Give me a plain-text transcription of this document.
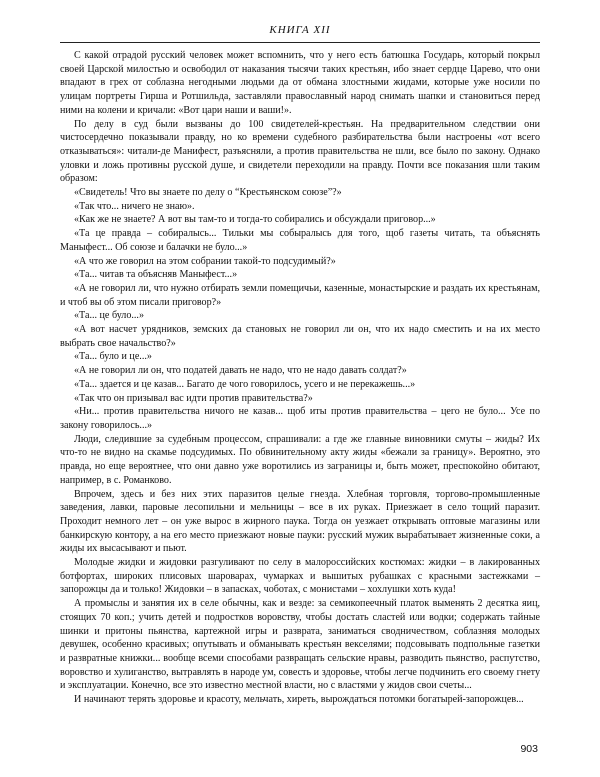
КНИГА XII

С какой отрадой русский человек может вспомнить, что у него есть батюшка Государь, который покрыл своей Царской милостью и освободил от наказания тысячи таких крестьян, ибо знает сердце Царево, что они впадают в грех от соблазна негодными людьми да от обмана злостными жидами, которые уже носили по улицам портреты Гирша и Ротшильда, заставляли православный народ снимать шапки и становиться перед ними на колени и кричали: «Вот цари наши и ваши!».

По делу в суд были вызваны до 100 свидетелей-крестьян. На предварительном следствии они чистосердечно показывали правду, но ко времени судебного разбирательства были настроены «от всего отказываться»: читали-де Манифест, разъясняли, а против правительства не шли, все было по закону. Однако уловки и ложь противны русской душе, и свидетели переходили на правду. Почти все показания шли таким образом:

«Свидетель! Что вы знаете по делу о “Крестьянском союзе”?»

«Так что... ничего не знаю».

«Как же не знаете? А вот вы там-то и тогда-то собирались и обсуждали приговор...»

«Та це правда – собиралысь... Тильки мы собыралысь для того, щоб газеты читать, та объяснять Маныфест... Об союзе и балачки не було...»

«А что же говорил на этом собрании такой-то подсудимый?»

«Та... читав та объясняв Маныфест...»

«А не говорил ли, что нужно отбирать земли помещичьи, казенные, монастырские и раздать их крестьянам, и чтоб вы об этом писали приговор?»

«Та... це було...»

«А вот насчет урядников, земских да становых не говорил ли он, что их надо сместить и на их место выбрать свое начальство?»

«Та... було и це...»

«А не говорил ли он, что податей давать не надо, что не надо давать солдат?»

«Та... здается и це казав... Багато де чого говорилось, усего и не перекажешь...»

«Так что он призывал вас идти против правительства?»

«Ни... против правительства ничого не казав... щоб иты против правительства – цего не було... Усе по закону говорилось...»

Люди, следившие за судебным процессом, спрашивали: а где же главные виновники смуты – жиды? Их что-то не видно на скамье подсудимых. По обвинительному акту жиды «бежали за границу». Вероятно, это правда, но еще вероятнее, что они давно уже воротились из заграницы и, быть может, преспокойно обитают, например, в с. Романково.

Впрочем, здесь и без них этих паразитов целые гнезда. Хлебная торговля, торгово-промышленные заведения, лавки, паровые лесопильни и мельницы – все в их руках. Приезжает в село тощий паразит. Проходит немного лет – он уже вырос в жирного паука. Тогда он уезжает открывать оптовые магазины или банкирскую контору, а на его место приезжают новые пауки: русский мужик вырабатывает жизненные соки, а жиды их высасывают и пьют.

Молодые жидки и жидовки разгуливают по селу в малороссийских костюмах: жидки – в лакированных ботфортах, широких плисовых шароварах, чумарках и вышитых рубашках с красными застежками – запорожцы да и только! Жидовки – в запасках, чоботах, с монистами – хохлушки хоть куда!

А промыслы и занятия их в селе обычны, как и везде: за семикопеечный платок выменять 2 десятка яиц, стоящих 70 коп.; учить детей и подростков воровству, чтобы достать сластей или водки; содержать тайные шинки и притоны пьянства, картежной игры и разврата, заниматься сводничеством, соблазняя молодых девушек, особенно красивых; опутывать и обманывать крестьян векселями; подсовывать подпольные газетки и развратные книжки... вообще всеми способами развращать сельские нравы, разводить пьянство, распутство, воровство и хулиганство, вытравлять в народе ум, совесть и здоровье, чтобы легче подчинить его своему гнету и эксплуатации. Конечно, все это известно местной власти, но с властями у жидов свои счеты...

И начинают терять здоровье и красоту, мельчать, хиреть, вырождаться потомки богатырей-запорожцев...

903
